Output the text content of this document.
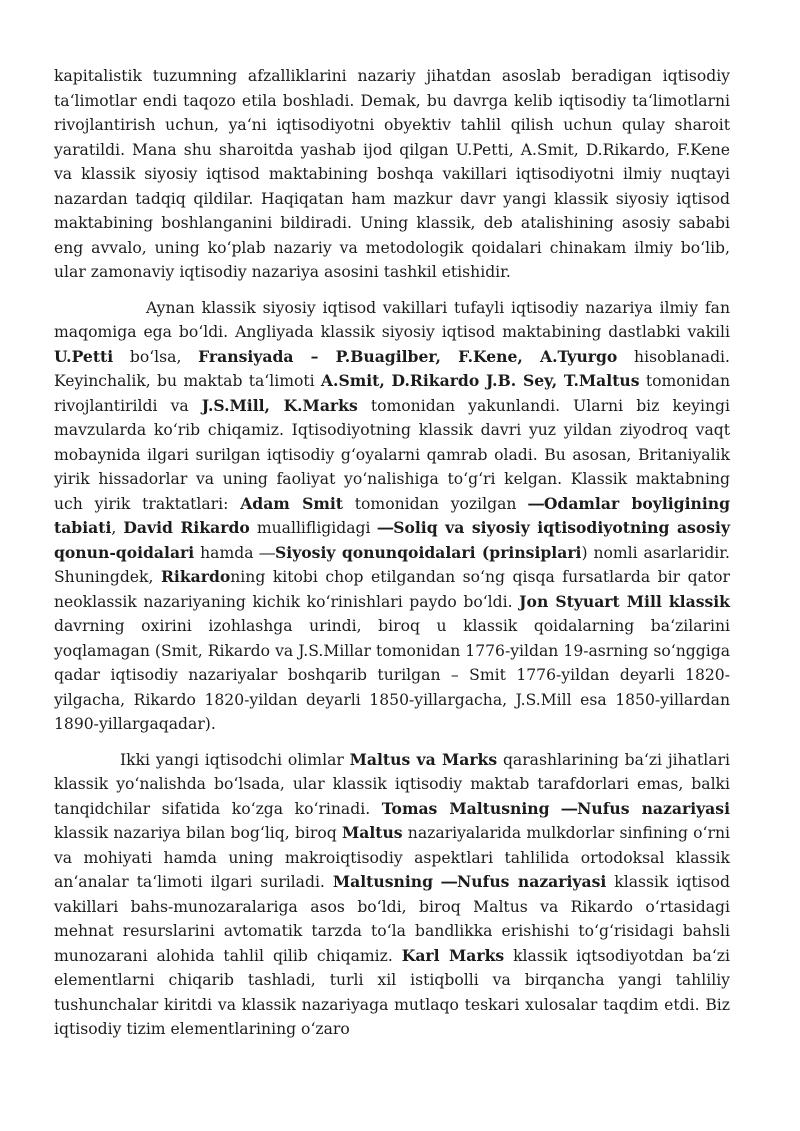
kapitalistik tuzumning afzalliklarini nazariy jihatdan asoslab beradigan iqtisodiy taʻlimotlar endi taqozo etila boshladi. Demak, bu davrga kelib iqtisodiy taʻlimotlarni rivojlantirish uchun, yaʻni iqtisodiyotni obyektiv tahlil qilish uchun qulay sharoit yaratildi. Mana shu sharoitda yashab ijod qilgan U.Petti, A.Smit, D.Rikardo, F.Kene va klassik siyosiy iqtisod maktabining boshqa vakillari iqtisodiyotni ilmiy nuqtayi nazardan tadqiq qildilar. Haqiqatan ham mazkur davr yangi klassik siyosiy iqtisod maktabining boshlanganini bildiradi. Uning klassik, deb atalishining asosiy sababi eng avvalo, uning koʻplab nazariy va metodologik qoidalari chinakam ilmiy boʻlib, ular zamonaviy iqtisodiy nazariya asosini tashkil etishidir.

Aynan klassik siyosiy iqtisod vakillari tufayli iqtisodiy nazariya ilmiy fan maqomiga ega boʻldi. Angliyada klassik siyosiy iqtisod maktabining dastlabki vakili U.Petti boʻlsa, Fransiyada – P.Buagilber, F.Kene, A.Tyurgo hisoblanadi. Keyinchalik, bu maktab taʻlimoti A.Smit, D.Rikardo J.B. Sey, T.Maltus tomonidan rivojlantirildi va J.S.Mill, K.Marks tomonidan yakunlandi. Ularni biz keyingi mavzularda koʻrib chiqamiz. Iqtisodiyotning klassik davri yuz yildan ziyodroq vaqt mobaynida ilgari surilgan iqtisodiy gʻoyalarni qamrab oladi. Bu asosan, Britaniyalik yirik hissadorlar va uning faoliyat yoʻnalishiga toʻgʻri kelgan. Klassik maktabning uch yirik traktatlari: Adam Smit tomonidan yozilgan ―Odamlar boyligining tabiati, David Rikardo muallifligidagi ―Soliq va siyosiy iqtisodiyotning asosiy qonun-qoidalari hamda ―Siyosiy qonunqoidalari (prinsiplari) nomli asarlaridir. Shuningdek, Rikardoning kitobi chop etilgandan soʻng qisqa fursatlarda bir qator neoklassik nazariyaning kichik koʻrinishlari paydo boʻldi. Jon Styuart Mill klassik davrning oxirini izohlashga urindi, biroq u klassik qoidalarning baʻzilarini yoqlamagan (Smit, Rikardo va J.S.Millar tomonidan 1776-yildan 19-asrning soʻnggiga qadar iqtisodiy nazariyalar boshqarib turilgan – Smit 1776-yildan deyarli 1820-yilgacha, Rikardo 1820-yildan deyarli 1850-yillargacha, J.S.Mill esa 1850-yillardan 1890-yillargaqadar).

Ikki yangi iqtisodchi olimlar Maltus va Marks qarashlarining baʻzi jihatlari klassik yoʻnalishda boʻlsada, ular klassik iqtisodiy maktab tarafdorlari emas, balki tanqidchilar sifatida koʻzga koʻrinadi. Tomas Maltusning ―Nufus nazariyasi klassik nazariya bilan bogʻliq, biroq Maltus nazariyalarida mulkdorlar sinfining oʻrni va mohiyati hamda uning makroiqtisodiy aspektlari tahlilida ortodoksal klassik anʻanalar taʻlimoti ilgari suriladi. Maltusning ―Nufus nazariyasi klassik iqtisod vakillari bahs-munozaralariga asos boʻldi, biroq Maltus va Rikardo oʻrtasidagi mehnat resurslarini avtomatik tarzda toʻla bandlikka erishishi toʻgʻrisidagi bahsli munozarani alohida tahlil qilib chiqamiz. Karl Marks klassik iqtsodiyotdan baʻzi elementlarni chiqarib tashladi, turli xil istiqbolli va birqancha yangi tahliliy tushunchalar kiritdi va klassik nazariyaga mutlaqo teskari xulosalar taqdim etdi. Biz iqtisodiy tizim elementlarining oʻzaro
